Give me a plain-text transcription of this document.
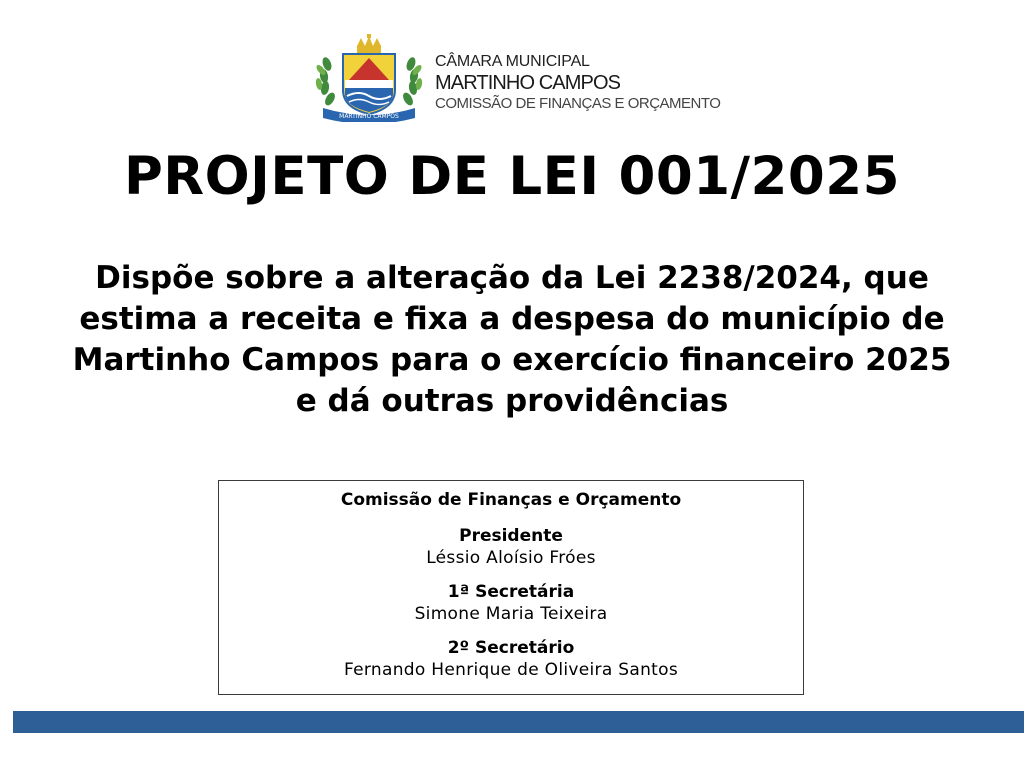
MARTINHO CAMPOS
CÂMARA MUNICIPAL
MARTINHO CAMPOS
COMISSÃO DE FINANÇAS E ORÇAMENTO
PROJETO DE LEI 001/2025

Dispõe sobre a alteração da Lei 2238/2024, que estima a receita e fixa a despesa do município de Martinho Campos para o exercício financeiro 2025 e dá outras providências

Comissão de Finanças e Orçamento
Presidente
Léssio Aloísio Fróes
1ª Secretária
Simone Maria Teixeira
2º Secretário
Fernando Henrique de Oliveira Santos
